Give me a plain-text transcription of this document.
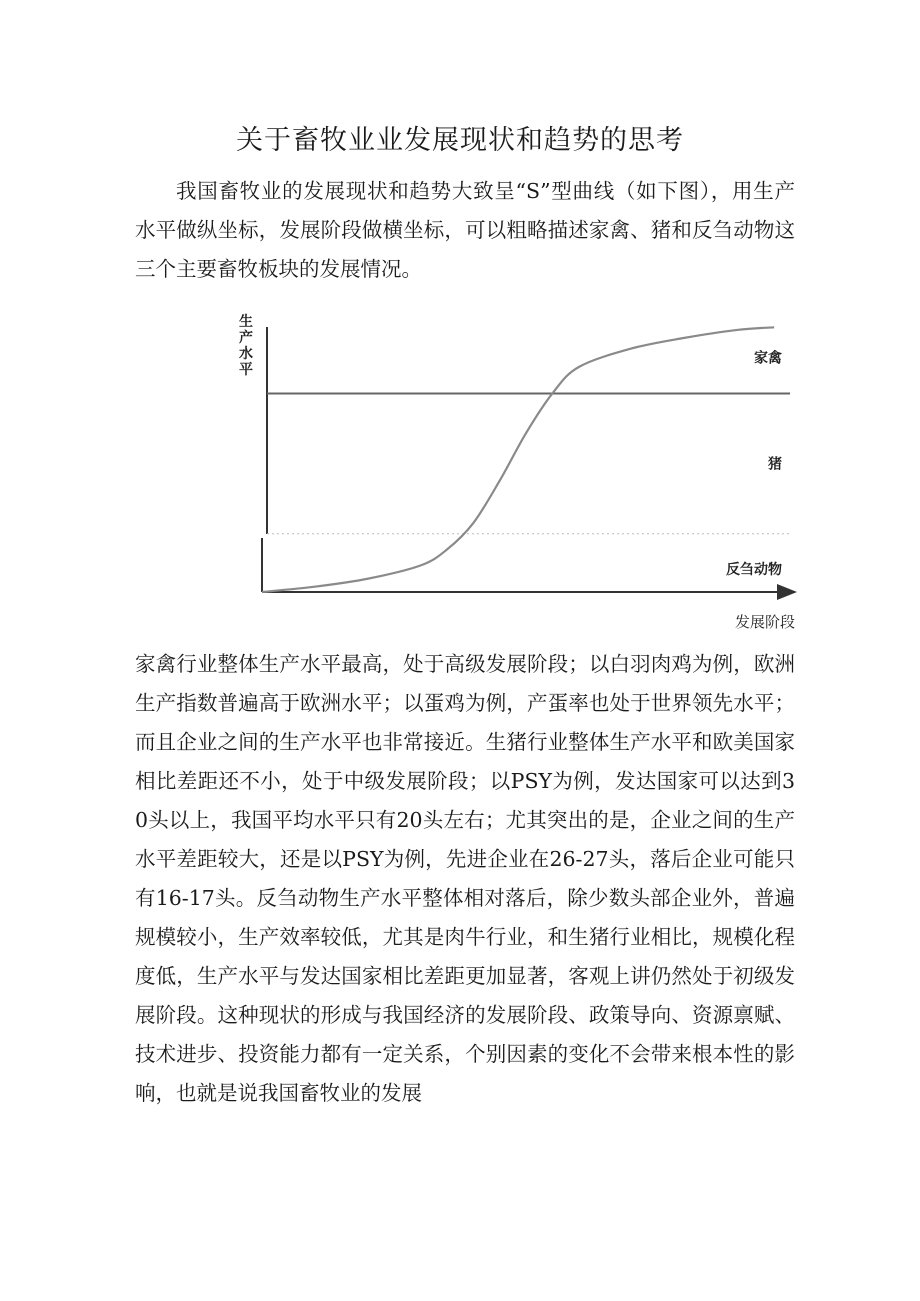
关于畜牧业业发展现状和趋势的思考

我国畜牧业的发展现状和趋势大致呈“S”型曲线（如下图），用生产水平做纵坐标，发展阶段做横坐标，可以粗略描述家禽、猪和反刍动物这三个主要畜牧板块的发展情况。

家禽
猪
反刍动物
生产水平
发展阶段

家禽行业整体生产水平最高，处于高级发展阶段；以白羽肉鸡为例，欧洲生产指数普遍高于欧洲水平；以蛋鸡为例，产蛋率也处于世界领先水平；而且企业之间的生产水平也非常接近。生猪行业整体生产水平和欧美国家相比差距还不小，处于中级发展阶段；以PSY为例，发达国家可以达到30头以上，我国平均水平只有20头左右；尤其突出的是，企业之间的生产水平差距较大，还是以PSY为例，先进企业在26-27头，落后企业可能只有16-17头。反刍动物生产水平整体相对落后，除少数头部企业外，普遍规模较小，生产效率较低，尤其是肉牛行业，和生猪行业相比，规模化程度低，生产水平与发达国家相比差距更加显著，客观上讲仍然处于初级发展阶段。这种现状的形成与我国经济的发展阶段、政策导向、资源禀赋、技术进步、投资能力都有一定关系，个别因素的变化不会带来根本性的影响，也就是说我国畜牧业的发展
